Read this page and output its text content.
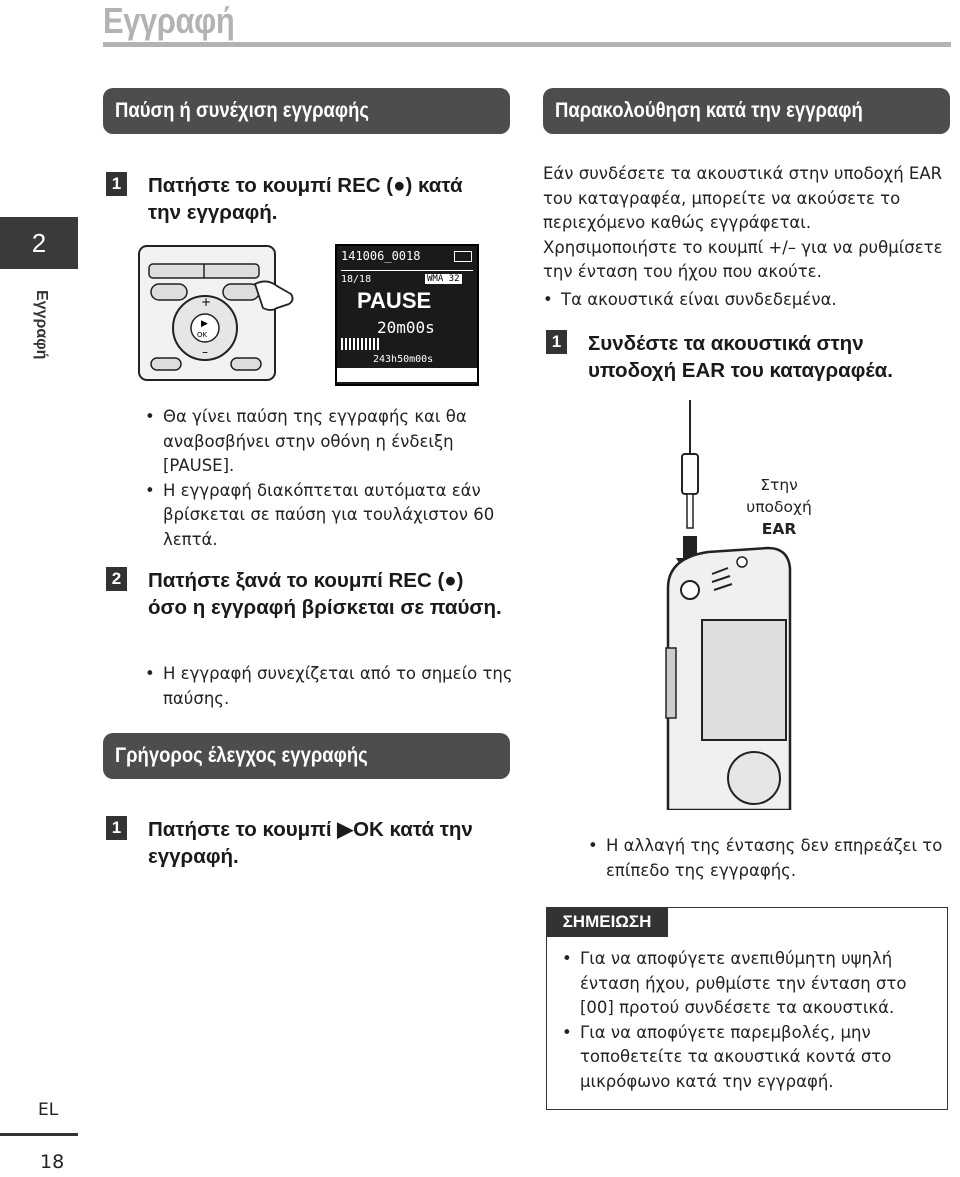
Εγγραφή
2
Εγγραφή
Παύση ή συνέχιση εγγραφής
1 Πατήστε το κουμπί REC (●) κατά την εγγραφή.
▶
OK
+
–
141006_0018
18/18	WMA 32
PAUSE
20m00s
243h50m00s
• Θα γίνει παύση της εγγραφής και θα αναβοσβήνει στην οθόνη η ένδειξη [PAUSE].
• Η εγγραφή διακόπτεται αυτόματα εάν βρίσκεται σε παύση για τουλάχιστον 60 λεπτά.
2 Πατήστε ξανά το κουμπί REC (●) όσο η εγγραφή βρίσκεται σε παύση.
• Η εγγραφή συνεχίζεται από το σημείο της παύσης.
Γρήγορος έλεγχος εγγραφής
1 Πατήστε το κουμπί ▶OK κατά την εγγραφή.
Παρακολούθηση κατά την εγγραφή
Εάν συνδέσετε τα ακουστικά στην υποδοχή EAR του καταγραφέα, μπορείτε να ακούσετε το περιεχόμενο καθώς εγγράφεται. Χρησιμοποιήστε το κουμπί +/– για να ρυθμίσετε την ένταση του ήχου που ακούτε.
• Τα ακουστικά είναι συνδεδεμένα.
1 Συνδέστε τα ακουστικά στην υποδοχή EAR του καταγραφέα.
Στην
υποδοχή
EAR
• Η αλλαγή της έντασης δεν επηρεάζει το επίπεδο της εγγραφής.
ΣΗΜΕΙΩΣΗ
• Για να αποφύγετε ανεπιθύμητη υψηλή ένταση ήχου, ρυθμίστε την ένταση στο [00] προτού συνδέσετε τα ακουστικά.
• Για να αποφύγετε παρεμβολές, μην τοποθετείτε τα ακουστικά κοντά στο μικρόφωνο κατά την εγγραφή.
EL
18
